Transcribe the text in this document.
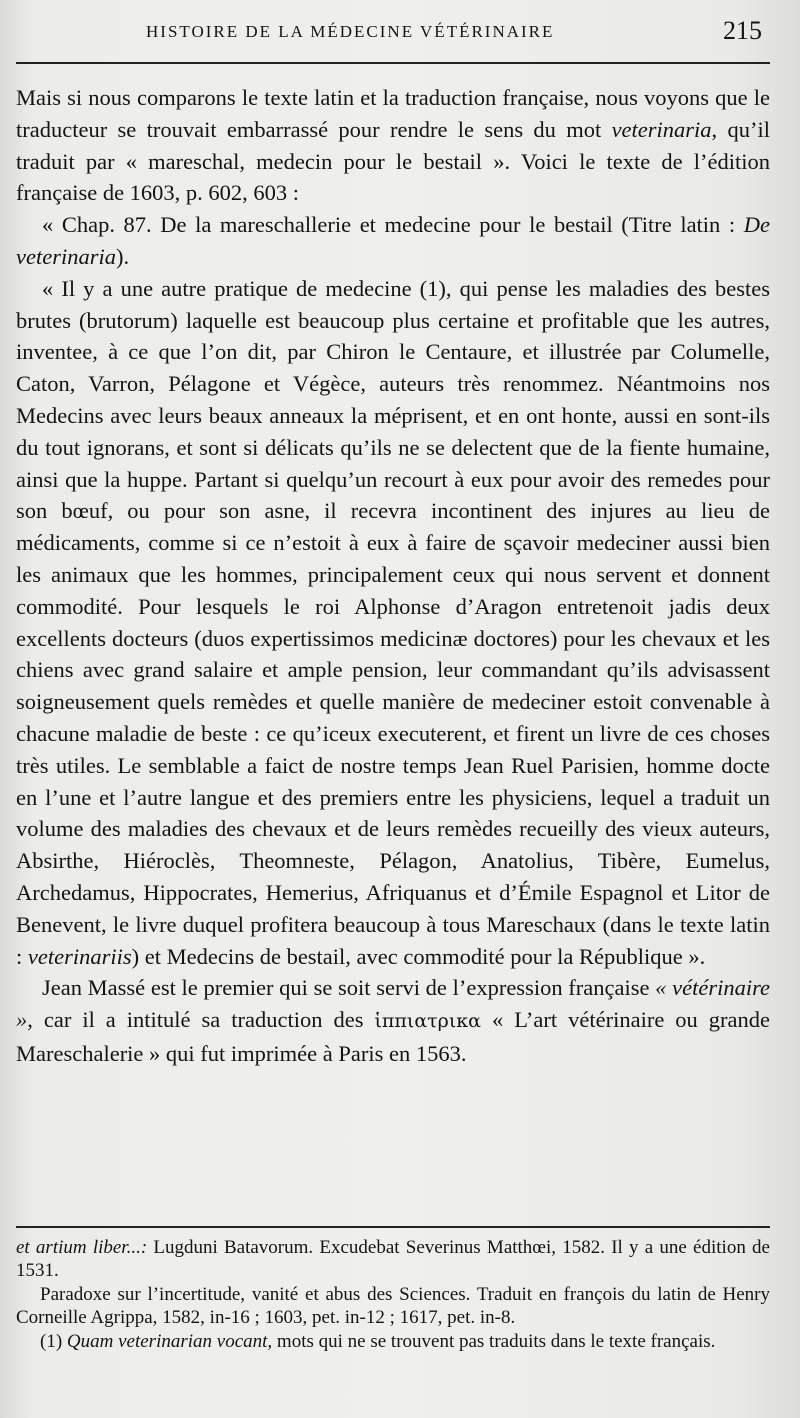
HISTOIRE DE LA MÉDECINE VÉTÉRINAIRE	215

Mais si nous comparons le texte latin et la traduction française, nous voyons que le traducteur se trouvait embarrassé pour rendre le sens du mot veterinaria, qu’il traduit par « mareschal, medecin pour le bestail ». Voici le texte de l’édition française de 1603, p. 602, 603 :

« Chap. 87. De la mareschallerie et medecine pour le bestail (Titre latin : De veterinaria).

« Il y a une autre pratique de medecine (1), qui pense les maladies des bestes brutes (brutorum) laquelle est beaucoup plus certaine et profitable que les autres, inventee, à ce que l’on dit, par Chiron le Centaure, et illustrée par Columelle, Caton, Varron, Pélagone et Végèce, auteurs très renommez. Néantmoins nos Medecins avec leurs beaux anneaux la méprisent, et en ont honte, aussi en sont-ils du tout ignorans, et sont si délicats qu’ils ne se delectent que de la fiente humaine, ainsi que la huppe. Partant si quelqu’un recourt à eux pour avoir des remedes pour son bœuf, ou pour son asne, il recevra incontinent des injures au lieu de médicaments, comme si ce n’estoit à eux à faire de sçavoir medeciner aussi bien les animaux que les hommes, principalement ceux qui nous servent et donnent commodité. Pour lesquels le roi Alphonse d’Aragon entretenoit jadis deux excellents docteurs (duos expertissimos medicinæ doctores) pour les chevaux et les chiens avec grand salaire et ample pension, leur commandant qu’ils advisassent soigneusement quels remèdes et quelle manière de medeciner estoit convenable à chacune maladie de beste : ce qu’iceux executerent, et firent un livre de ces choses très utiles. Le semblable a faict de nostre temps Jean Ruel Parisien, homme docte en l’une et l’autre langue et des premiers entre les physiciens, lequel a traduit un volume des maladies des chevaux et de leurs remèdes recueilly des vieux auteurs, Absirthe, Hiéroclès, Theomneste, Pélagon, Anatolius, Tibère, Eumelus, Archedamus, Hippocrates, Hemerius, Afriquanus et d’Émile Espagnol et Litor de Benevent, le livre duquel profitera beaucoup à tous Mareschaux (dans le texte latin : veterinariis) et Medecins de bestail, avec commodité pour la République ».

Jean Massé est le premier qui se soit servi de l’expression française « vétérinaire », car il a intitulé sa traduction des ἱππιατρικα « L’art vétérinaire ou grande Mareschalerie » qui fut imprimée à Paris en 1563.

et artium liber...: Lugduni Batavorum. Excudebat Severinus Matthœi, 1582. Il y a une édition de 1531.

Paradoxe sur l’incertitude, vanité et abus des Sciences. Traduit en françois du latin de Henry Corneille Agrippa, 1582, in-16 ; 1603, pet. in-12 ; 1617, pet. in-8.

(1) Quam veterinarian vocant, mots qui ne se trouvent pas traduits dans le texte français.
